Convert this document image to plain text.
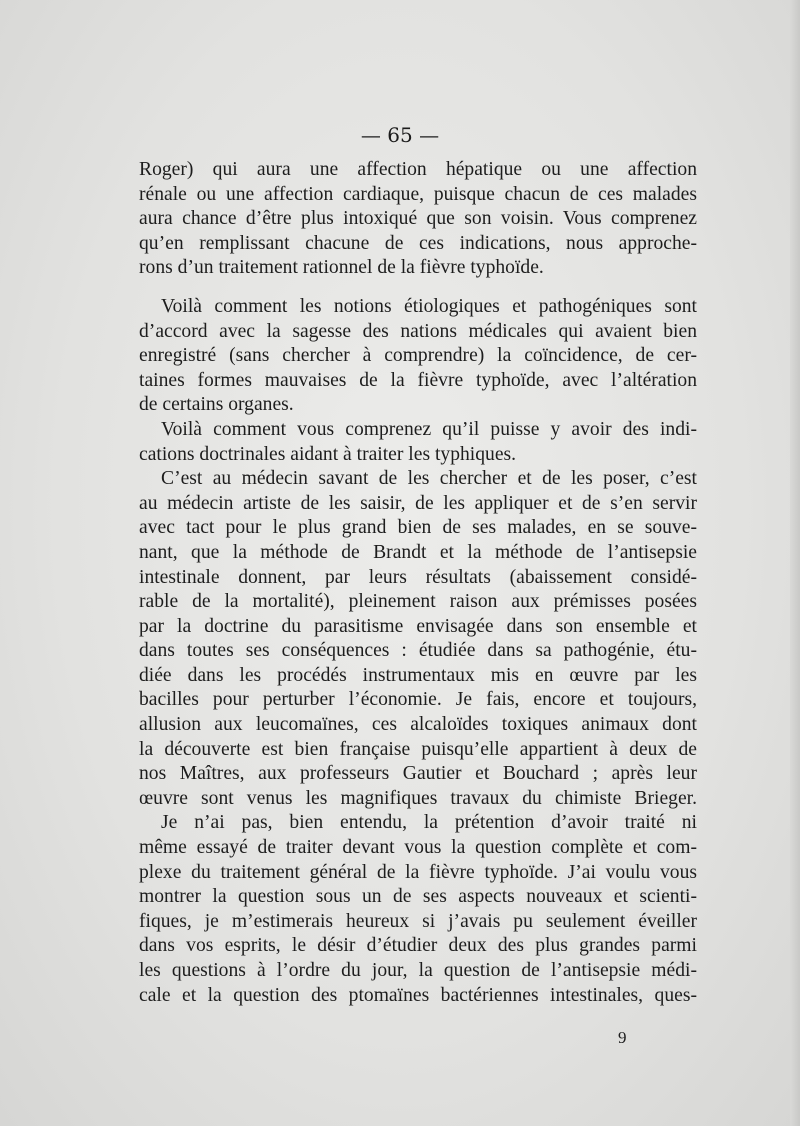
— 65 —
Roger) qui aura une affection hépatique ou une affection
rénale ou une affection cardiaque, puisque chacun de ces malades
aura chance d’être plus intoxiqué que son voisin. Vous comprenez
qu’en remplissant chacune de ces indications, nous approche-
rons d’un traitement rationnel de la fièvre typhoïde.
Voilà comment les notions étiologiques et pathogéniques sont
d’accord avec la sagesse des nations médicales qui avaient bien
enregistré (sans chercher à comprendre) la coïncidence, de cer-
taines formes mauvaises de la fièvre typhoïde, avec l’altération
de certains organes.
Voilà comment vous comprenez qu’il puisse y avoir des indi-
cations doctrinales aidant à traiter les typhiques.
C’est au médecin savant de les chercher et de les poser, c’est
au médecin artiste de les saisir, de les appliquer et de s’en servir
avec tact pour le plus grand bien de ses malades, en se souve-
nant, que la méthode de Brandt et la méthode de l’antisepsie
intestinale donnent, par leurs résultats (abaissement considé-
rable de la mortalité), pleinement raison aux prémisses posées
par la doctrine du parasitisme envisagée dans son ensemble et
dans toutes ses conséquences : étudiée dans sa pathogénie, étu-
diée dans les procédés instrumentaux mis en œuvre par les
bacilles pour perturber l’économie. Je fais, encore et toujours,
allusion aux leucomaïnes, ces alcaloïdes toxiques animaux dont
la découverte est bien française puisqu’elle appartient à deux de
nos Maîtres, aux professeurs Gautier et Bouchard ; après leur
œuvre sont venus les magnifiques travaux du chimiste Brieger.
Je n’ai pas, bien entendu, la prétention d’avoir traité ni
même essayé de traiter devant vous la question complète et com-
plexe du traitement général de la fièvre typhoïde. J’ai voulu vous
montrer la question sous un de ses aspects nouveaux et scienti-
fiques, je m’estimerais heureux si j’avais pu seulement éveiller
dans vos esprits, le désir d’étudier deux des plus grandes parmi
les questions à l’ordre du jour, la question de l’antisepsie médi-
cale et la question des ptomaïnes bactériennes intestinales, ques-
9
